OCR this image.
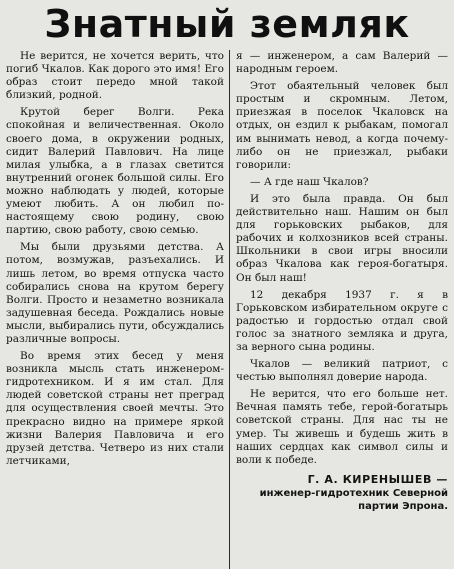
Знатный земляк

Не верится, не хочется верить, что погиб Чкалов. Как дорого это имя! Его образ стоит передо мной такой близкий, родной.

Крутой берег Волги. Река спокойная и величественная. Около своего дома, в окружении родных, сидит Валерий Павлович. На лице милая улыбка, а в глазах светится внутренний огонек большой силы. Его можно наблюдать у людей, которые умеют любить. А он любил по-настоящему свою родину, свою партию, свою работу, свою семью.

Мы были друзьями детства. А потом, возмужав, разъехались. И лишь летом, во время отпуска часто собирались снова на крутом берегу Волги. Просто и незаметно возникала задушевная беседа. Рождались новые мысли, выбирались пути, обсуждались различные вопросы.

Во время этих бесед у меня возникла мысль стать инженером-гидротехником. И я им стал. Для людей советской страны нет преград для осуществления своей мечты. Это прекрасно видно на примере яркой жизни Валерия Павловича и его друзей детства. Четверо из них стали летчиками,

я — инженером, а сам Валерий — народным героем.

Этот обаятельный человек был простым и скромным. Летом, приезжая в поселок Чкаловск на отдых, он ездил к рыбакам, помогал им вынимать невод, а когда почему-либо он не приезжал, рыбаки говорили:

— А где наш Чкалов?

И это была правда. Он был действительно наш. Нашим он был для горьковских рыбаков, для рабочих и колхозников всей страны. Школьники в свои игры вносили образ Чкалова как героя-богатыря. Он был наш!

12 декабря 1937 г. я в Горьковском избирательном округе с радостью и гордостью отдал свой голос за знатного земляка и друга, за верного сына родины.

Чкалов — великий патриот, с честью выполнял доверие народа.

Не верится, что его больше нет. Вечная память тебе, герой-богатырь советской страны. Для нас ты не умер. Ты живешь и будешь жить в наших сердцах как символ силы и воли к победе.

Г. А. КИРЕНЫШЕВ —
инженер-гидротехник Северной
партии Эпрона.
